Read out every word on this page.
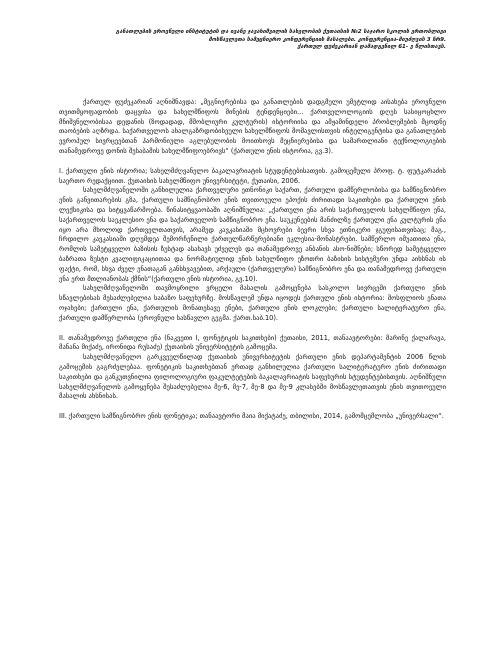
განათლების ეროვნული ინსტიტუტის და ივანე ჯავახიშვილის სახელობის ქუთაისის №2 საჯარო სკოლის ერთობლივი
მოსწავლეთა სამეცნიერო კონფერენციის მასალები. კონფერენცია-მიუძღვის 3 ჩრ9.
ქართულ ფუძეკარიან დამადგენილ 61- ვ წლისთავს.

ქართულ ფუძეკარიან აღნიშნავდა: „შეგნიერებისა და განათლების დადგმული უმეტლიდ აისახება ეროვნული თვითმყოფადობის დაცვისა და სახელმწიფოს მინების ტენდენციები... ქართველოლოგიის დღეს სასიცოცხლო მნიშვნელობისაა დედანის (ზოდადად, მშობლიური კულტურის) ისტორიისა და ამჟამინდელი პრობლემების მცოდნე თაობების აღზრდა. საქართველოს ახალგაზრდობისეული სახელმწიფოს მომავლისთვის ინტელიგენტისა და განათლების ევროპულ სივრცეებთან ჰარმონიული აგლებულობის მოითხოვს მეცნიერებისა და სამართლიანი ტექნოლოგიების თანამედროვე დონის შესაბამის სახელმწიფოებრივს“ (ქართული ენის ისტორია, გვ.3).

I. ქართული ენის ისტორია; სახელმძღვანელო ბაკალავრიატის სტუდენტებისათვის. გამოცემული პროფ. ტ. ფუტკარაძის საერთო რედაქციით. ქუთაისის სახელმწიფო უნივერსიტეტი, ქუთაისი, 2006.

სახელმძღვანელოში განხილულია ქართველური ეთნონიკი საქართ, ქართული დამწერლობისა და სამწიგნობრო ენის განვითარების გზა, ქართული სამწიგნობრო ენის თვითოეული ეპოქის ძირითადი საკითხები და ქართული ენის ლექსიკისა და სიტყვაწარმოება. წინასიტყვაობაში აღნიშნულია: „ქართული ენა არის საქართველოს სახელმწიფო ენა, საქართველოს საეკლესიო ენა და საქართველოს სამწიგნობრო ენა. საუკუნეების მანძილზე ქართული ენა კულტურის ენა იყო არა მხოლოდ ქართველთათვის, არამედ კავკასიაში მცხოვრები ბევრი სხვა ეთნიკური ჯგუფისათვისაც; მაგ., ჩრდილო კავკასიაში დღემდეა შემორჩენილი ქართულწარწერებიანი ეკლესია-მონასტრები. სამწერლო იმუათითა ენა, რომლის სამეტყველო ბაზისის ზუსტად ასახავს უძველეს და თანამედროვე ანბანის ასო-ნიშნები; სწორედ სამეტყველო ბაზრათა ზუსტი კვალიფიკაციითაა და ნორმატიულიდ ენის სახელწიფო ეზოთრი ბაზისის სისტემური უნდა აიხსნას ის ფაქტი, რომ, სხვა ძველ ენათაგან განსხვავებით, არქაული (ქართველური) სამწიგნობრო ენა და თანამედროვე ქართული ენა ერთ მთლიანობას ქმნის“(ქართული ენის ისტორია, გვ.10).

სახელმძღვანელოში თავმოყრილი ვრცელი მასალის გამოყენება სასკოლო სივრცეში ქართული ენის სწავლებისას მესაძლებელია საბაზო საფეხურზე. მოსწავლემ უნდა იცოდეს ქართული ენის ისტორია: შოსფლიოს ენათა ოჯახები; ქართული ენა, ქართულის მონათესავე ენები, ქართული ენის ლოკლები; ქართული სალიტერატურო ენა, ქართული დამწერლობა (ეროვნული სასწავლო გეგმა. ქართ.საბ.10).

II. თანამედროვე ქართული ენა (ნაკვეთი I, ფონეტიკის საკითხები) ქუთაისი, 2011, თანაავტორები: მარინე ქალარავა, მანანა მიქაძე, ირონიდა რუსაძე) ქუთაისის უნივერსიტეტის გამოცემა.

სახელმძღვანელო გარკვეულწილად ქუთაისის უნივერსიტეტის ქართული ენის დეპარტამენტის 2006 წლის გამოცემის გაგრძელებაა. ფონეტიკის საკითხებთან ერთად განხილულია ქართული სალიტერატურო ენის ძირითადი საკითხები და განკუთვნილია ფილოლოგიური ფაკულტეტების ბაკალავრიატის საფეხურის სტუდენტებისთვის. აღნიშნული სახელმძღვანელოს გამოყენება შესაძლებელია მე-6, მე-7, მე-8 და მე-9 კლასებში მოსწავლეთათვის ენის თვითოეული მასალის ახსნისას.

III. ქართული სამწიგნობრო ენის ფონეტიკა; თანაავტორი მაია მიქატაძე, თბილისი, 2014, გამომცემლობა „უნივერსალი“.
